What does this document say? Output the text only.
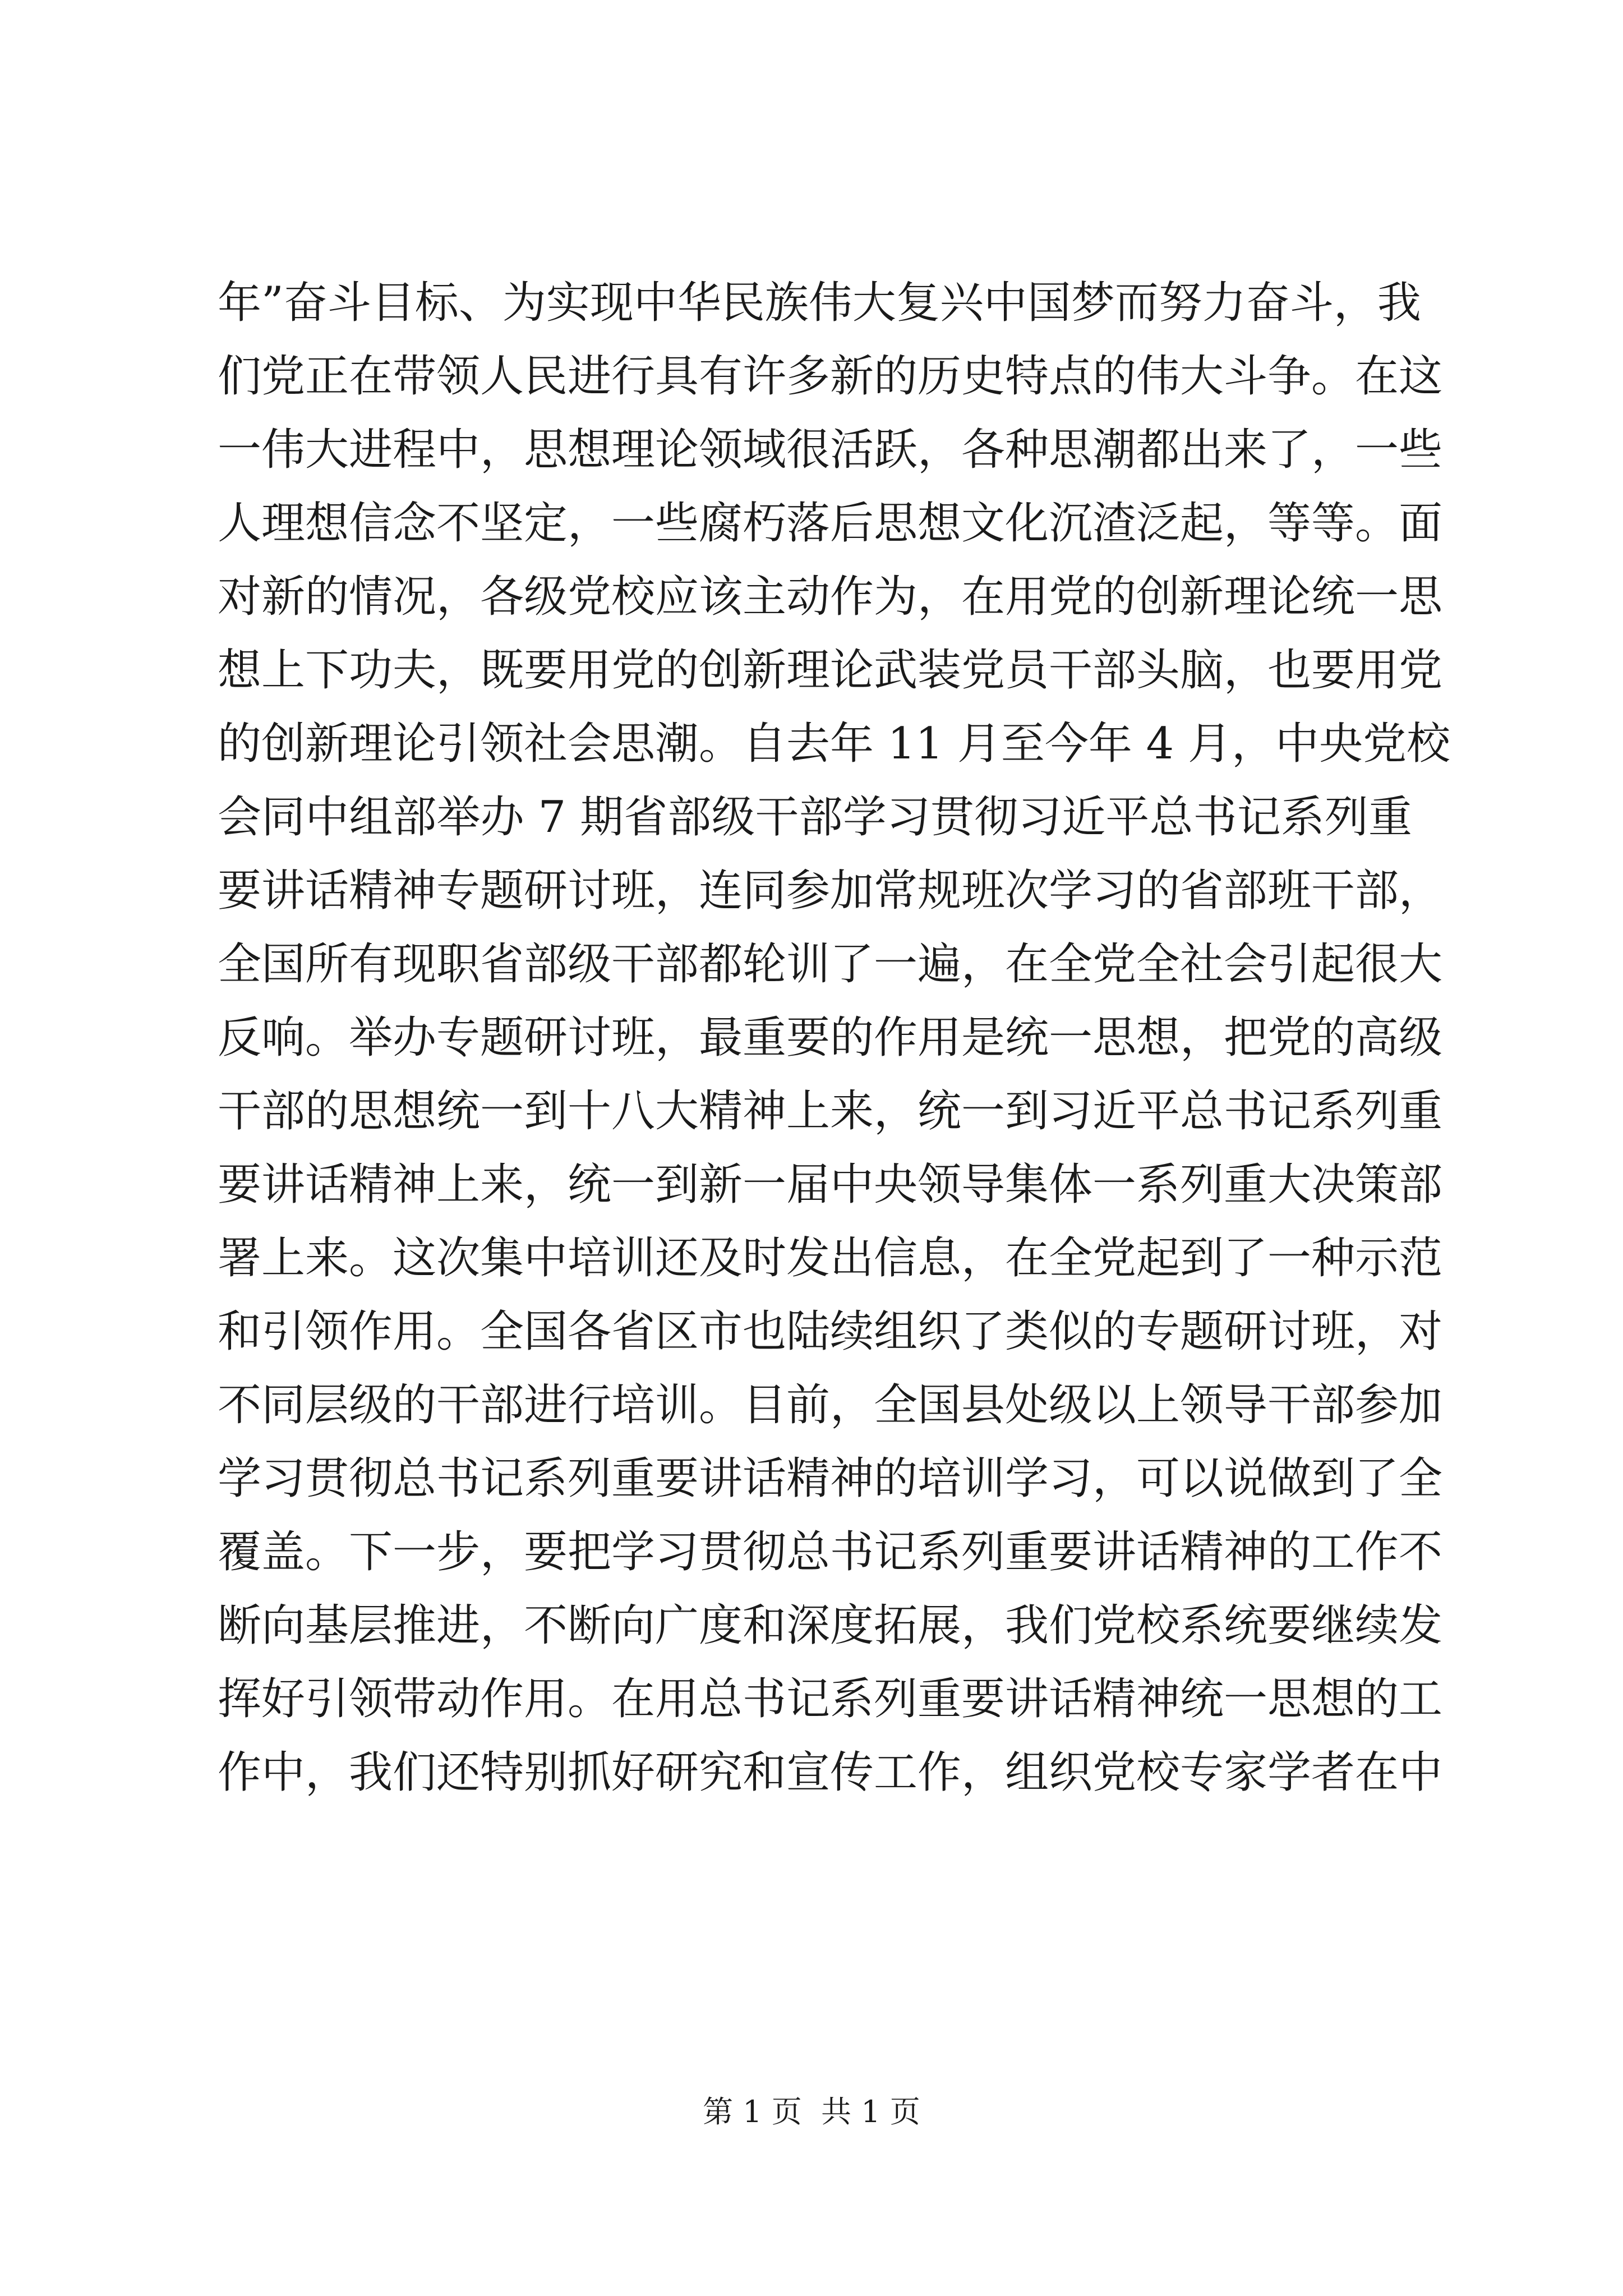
年”奋斗目标、为实现中华民族伟大复兴中国梦而努力奋斗，我
们党正在带领人民进行具有许多新的历史特点的伟大斗争。在这
一伟大进程中，思想理论领域很活跃，各种思潮都出来了，一些
人理想信念不坚定，一些腐朽落后思想文化沉渣泛起，等等。面
对新的情况，各级党校应该主动作为，在用党的创新理论统一思
想上下功夫，既要用党的创新理论武装党员干部头脑，也要用党
的创新理论引领社会思潮。自去年 11 月至今年 4 月，中央党校
会同中组部举办 7 期省部级干部学习贯彻习近平总书记系列重
要讲话精神专题研讨班，连同参加常规班次学习的省部班干部，
全国所有现职省部级干部都轮训了一遍，在全党全社会引起很大
反响。举办专题研讨班，最重要的作用是统一思想，把党的高级
干部的思想统一到十八大精神上来，统一到习近平总书记系列重
要讲话精神上来，统一到新一届中央领导集体一系列重大决策部
署上来。这次集中培训还及时发出信息，在全党起到了一种示范
和引领作用。全国各省区市也陆续组织了类似的专题研讨班，对
不同层级的干部进行培训。目前，全国县处级以上领导干部参加
学习贯彻总书记系列重要讲话精神的培训学习，可以说做到了全
覆盖。下一步，要把学习贯彻总书记系列重要讲话精神的工作不
断向基层推进，不断向广度和深度拓展，我们党校系统要继续发
挥好引领带动作用。在用总书记系列重要讲话精神统一思想的工
作中，我们还特别抓好研究和宣传工作，组织党校专家学者在中
第 1 页  共 1 页
